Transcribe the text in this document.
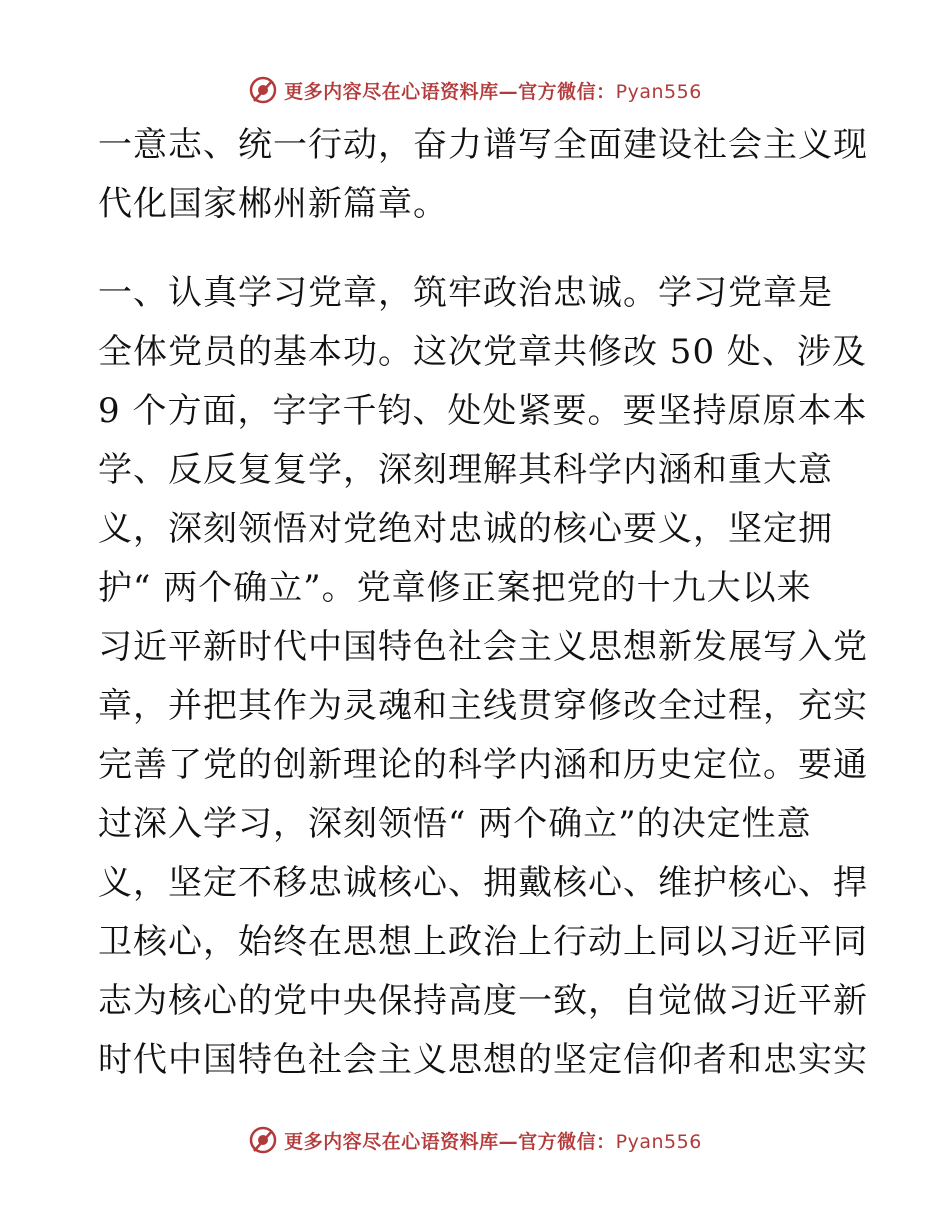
更多内容尽在心语资料库—官方微信：Pyan556
一意志、统一行动，奋力谱写全面建设社会主义现
代化国家郴州新篇章。
一、认真学习党章，筑牢政治忠诚。学习党章是
全体党员的基本功。这次党章共修改 50 处、涉及
9 个方面，字字千钧、处处紧要。要坚持原原本本
学、反反复复学，深刻理解其科学内涵和重大意
义，深刻领悟对党绝对忠诚的核心要义，坚定拥
护“ 两个确立”。党章修正案把党的十九大以来
习近平新时代中国特色社会主义思想新发展写入党
章，并把其作为灵魂和主线贯穿修改全过程，充实
完善了党的创新理论的科学内涵和历史定位。要通
过深入学习，深刻领悟“ 两个确立”的决定性意
义，坚定不移忠诚核心、拥戴核心、维护核心、捍
卫核心，始终在思想上政治上行动上同以习近平同
志为核心的党中央保持高度一致，自觉做习近平新
时代中国特色社会主义思想的坚定信仰者和忠实实
更多内容尽在心语资料库—官方微信：Pyan556
